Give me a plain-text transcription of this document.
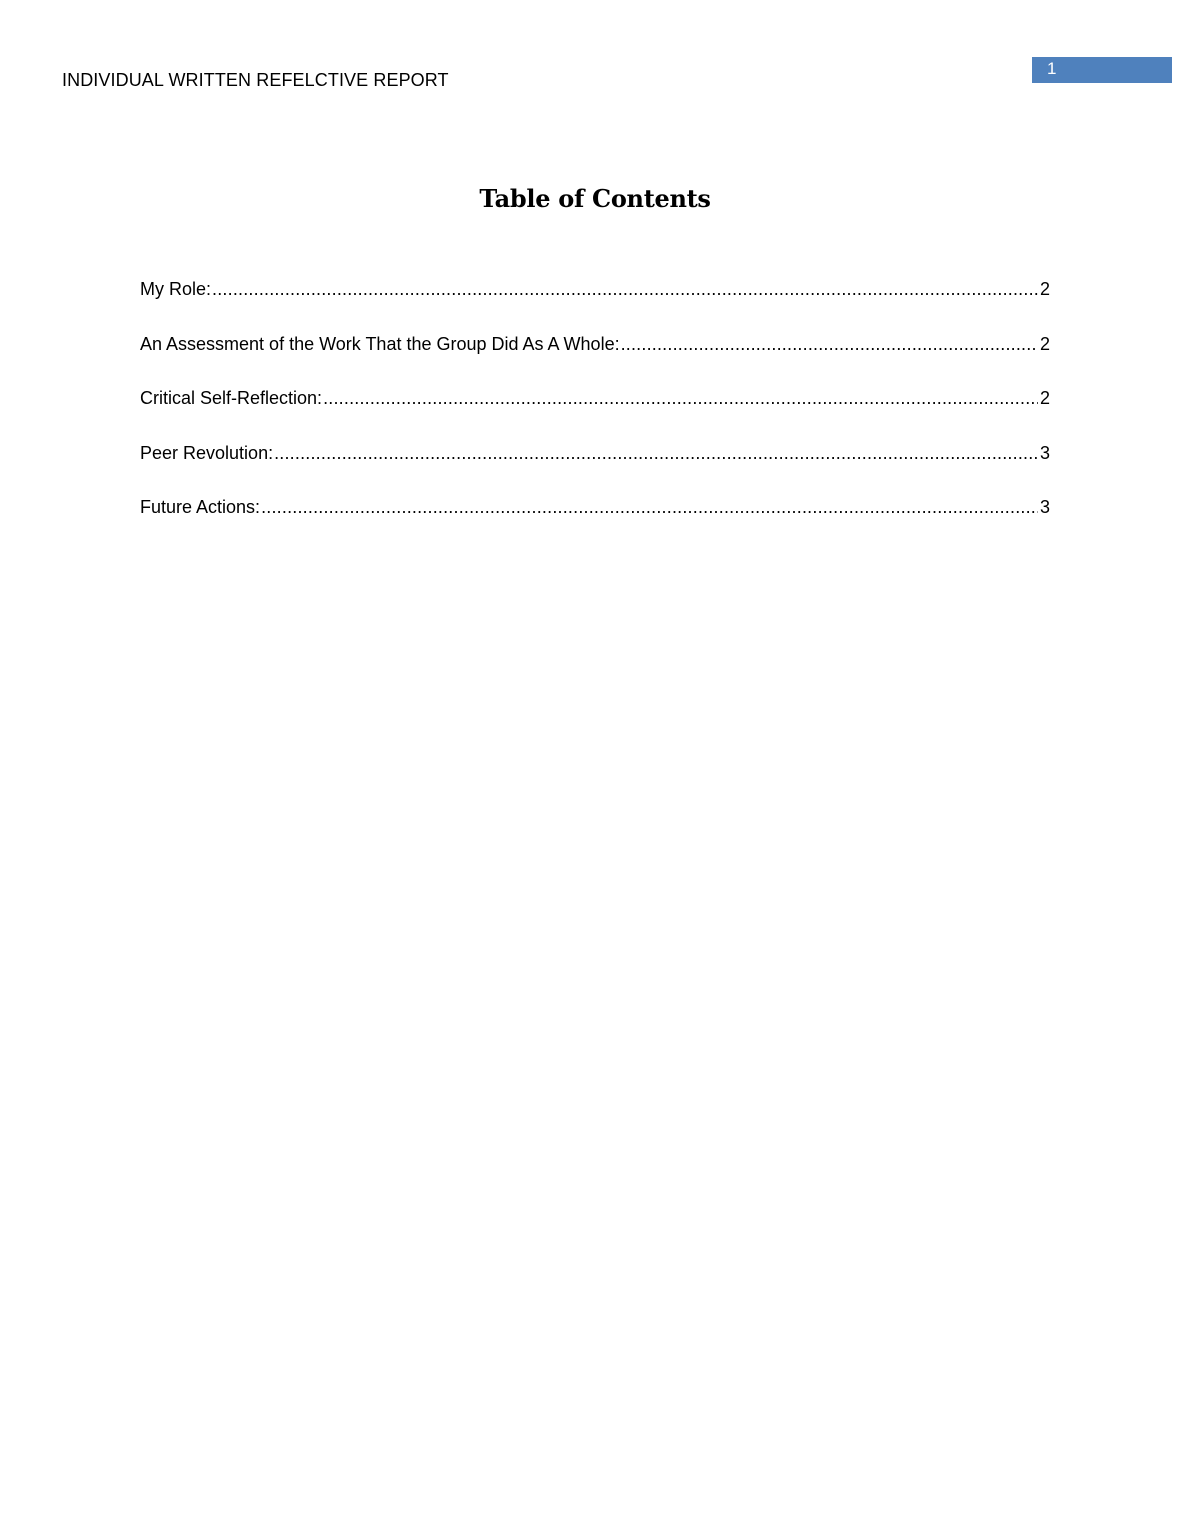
INDIVIDUAL WRITTEN REFELCTIVE REPORT
1
Table of Contents
My Role: .....	2
An Assessment of the Work That the Group Did As A Whole: .....	2
Critical Self-Reflection: .....	2
Peer Revolution: .....	3
Future Actions: .....	3
